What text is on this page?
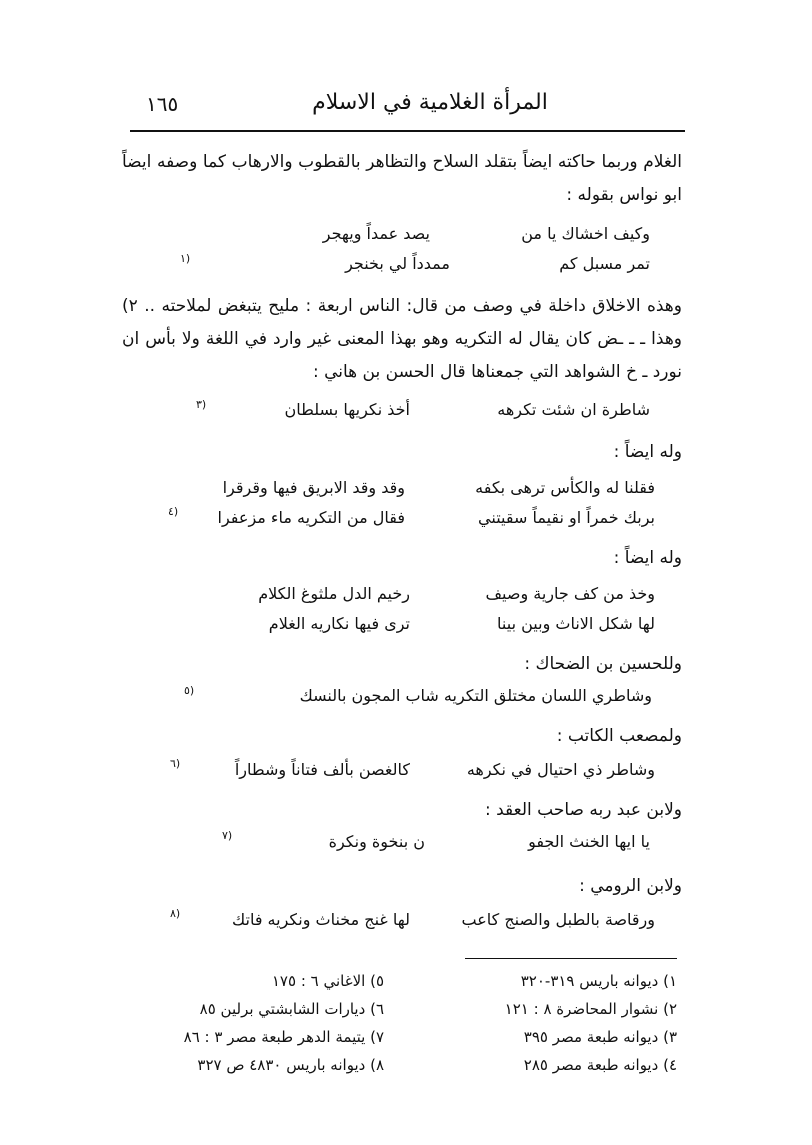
المرأة الغلامية في الاسلام
١٦٥
الغلام وربما حاكته ايضاً بتقلد السلاح والتظاهر بالقطوب والارهاب كما وصفه ايضاً ابو نواس بقوله :
وكيف اخشاك يا من
يصد عمداً ويهجر
تمر مسبل كم
ممدداً لي بخنجر
(١
وهذه الاخلاق داخلة في وصف من قال: الناس اربعة : مليح يتبغض لملاحته .. ٢) وهذا ـ ـ ـض كان يقال له التكريه وهو بهذا المعنى غير وارد في اللغة ولا بأس ان نورد ـ خ الشواهد التي جمعناها قال الحسن بن هاني :
شاطرة ان شئت تكرهه
أخذ نكريها بسلطان
(٣
وله ايضاً :
فقلنا له والكأس ترهى بكفه
وقد وقد الابريق فيها وقرقرا
بربك خمراً او نقيماً سقيتني
فقال من التكريه ماء مزعفرا
(٤
وله ايضاً :
وخذ من كف جارية وصيف
رخيم الدل ملثوغ الكلام
لها شكل الاناث وبين بينا
ترى فيها نكاريه الغلام
وللحسين بن الضحاك :
وشاطري اللسان مختلق التكريه شاب المجون بالنسك
(٥
ولمصعب الكاتب :
وشاطر ذي احتيال في نكرهه
كالغصن بألف فتاناً وشطاراً
(٦
ولابن عبد ربه صاحب العقد :
يا ايها الخنث الجفو
ن بنخوة ونكرة
(٧
ولابن الرومي :
ورقاصة بالطبل والصنج كاعب
لها غنج مخناث ونكريه فاتك
(٨
١) ديوانه باريس ٣١٩-٣٢٠
٢) نشوار المحاضرة ٨ : ١٢١
٣) ديوانه طبعة مصر ٣٩٥
٤) ديوانه طبعة مصر ٢٨٥
٥) الاغاني ٦ : ١٧٥
٦) ديارات الشابشتي برلين ٨٥
٧) يتيمة الدهر طبعة مصر ٣ : ٨٦
٨) ديوانه باريس ٤٨٣٠ ص ٣٢٧
